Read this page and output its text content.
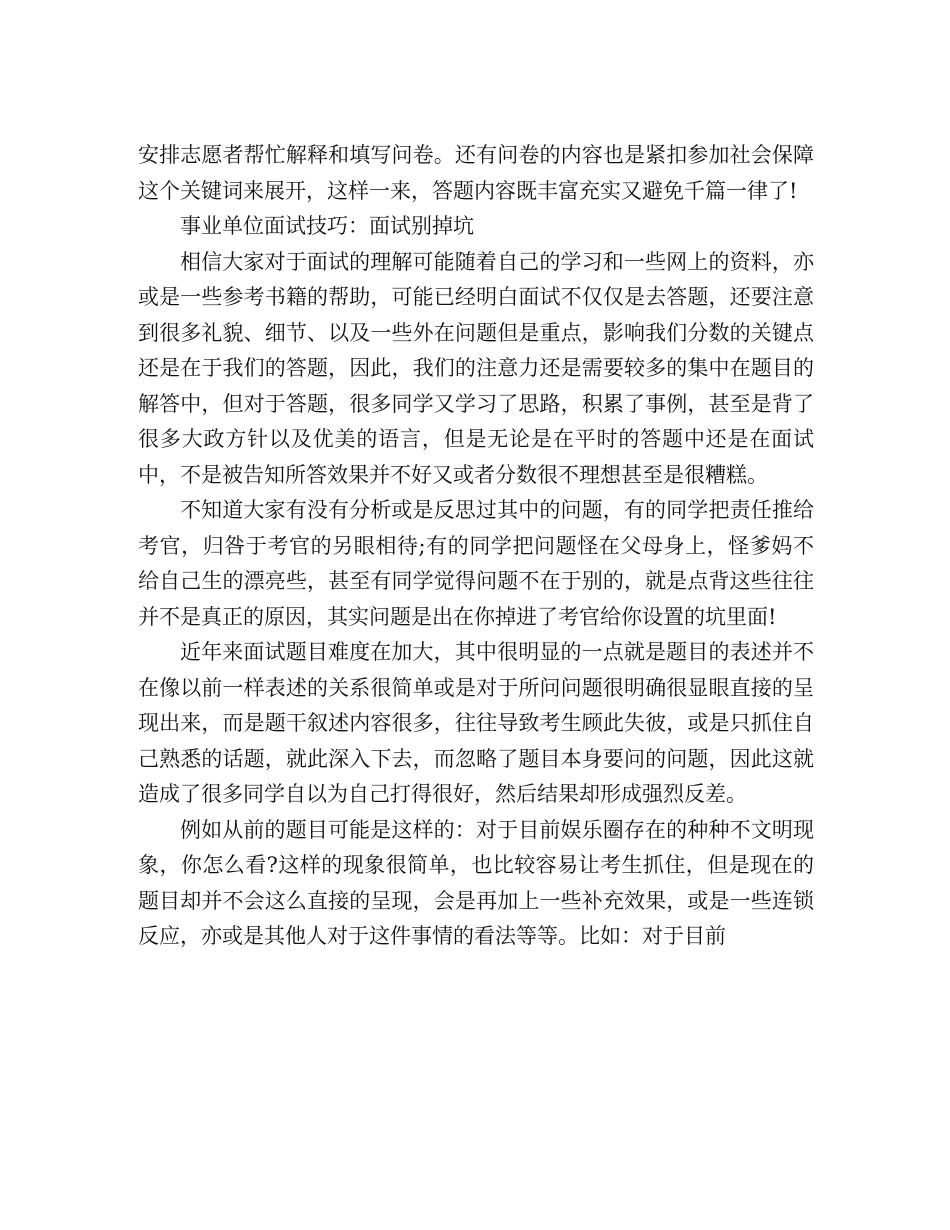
安排志愿者帮忙解释和填写问卷。还有问卷的内容也是紧扣参加社会保障这个关键词来展开，这样一来，答题内容既丰富充实又避免千篇一律了!

事业单位面试技巧：面试别掉坑

相信大家对于面试的理解可能随着自己的学习和一些网上的资料，亦或是一些参考书籍的帮助，可能已经明白面试不仅仅是去答题，还要注意到很多礼貌、细节、以及一些外在问题但是重点，影响我们分数的关键点还是在于我们的答题，因此，我们的注意力还是需要较多的集中在题目的解答中，但对于答题，很多同学又学习了思路，积累了事例，甚至是背了很多大政方针以及优美的语言，但是无论是在平时的答题中还是在面试中，不是被告知所答效果并不好又或者分数很不理想甚至是很糟糕。

不知道大家有没有分析或是反思过其中的问题，有的同学把责任推给考官，归咎于考官的另眼相待;有的同学把问题怪在父母身上，怪爹妈不给自己生的漂亮些，甚至有同学觉得问题不在于别的，就是点背这些往往并不是真正的原因，其实问题是出在你掉进了考官给你设置的坑里面!

近年来面试题目难度在加大，其中很明显的一点就是题目的表述并不在像以前一样表述的关系很简单或是对于所问问题很明确很显眼直接的呈现出来，而是题干叙述内容很多，往往导致考生顾此失彼，或是只抓住自己熟悉的话题，就此深入下去，而忽略了题目本身要问的问题，因此这就造成了很多同学自以为自己打得很好，然后结果却形成强烈反差。

例如从前的题目可能是这样的：对于目前娱乐圈存在的种种不文明现象，你怎么看?这样的现象很简单，也比较容易让考生抓住，但是现在的题目却并不会这么直接的呈现，会是再加上一些补充效果，或是一些连锁反应，亦或是其他人对于这件事情的看法等等。比如：对于目前
